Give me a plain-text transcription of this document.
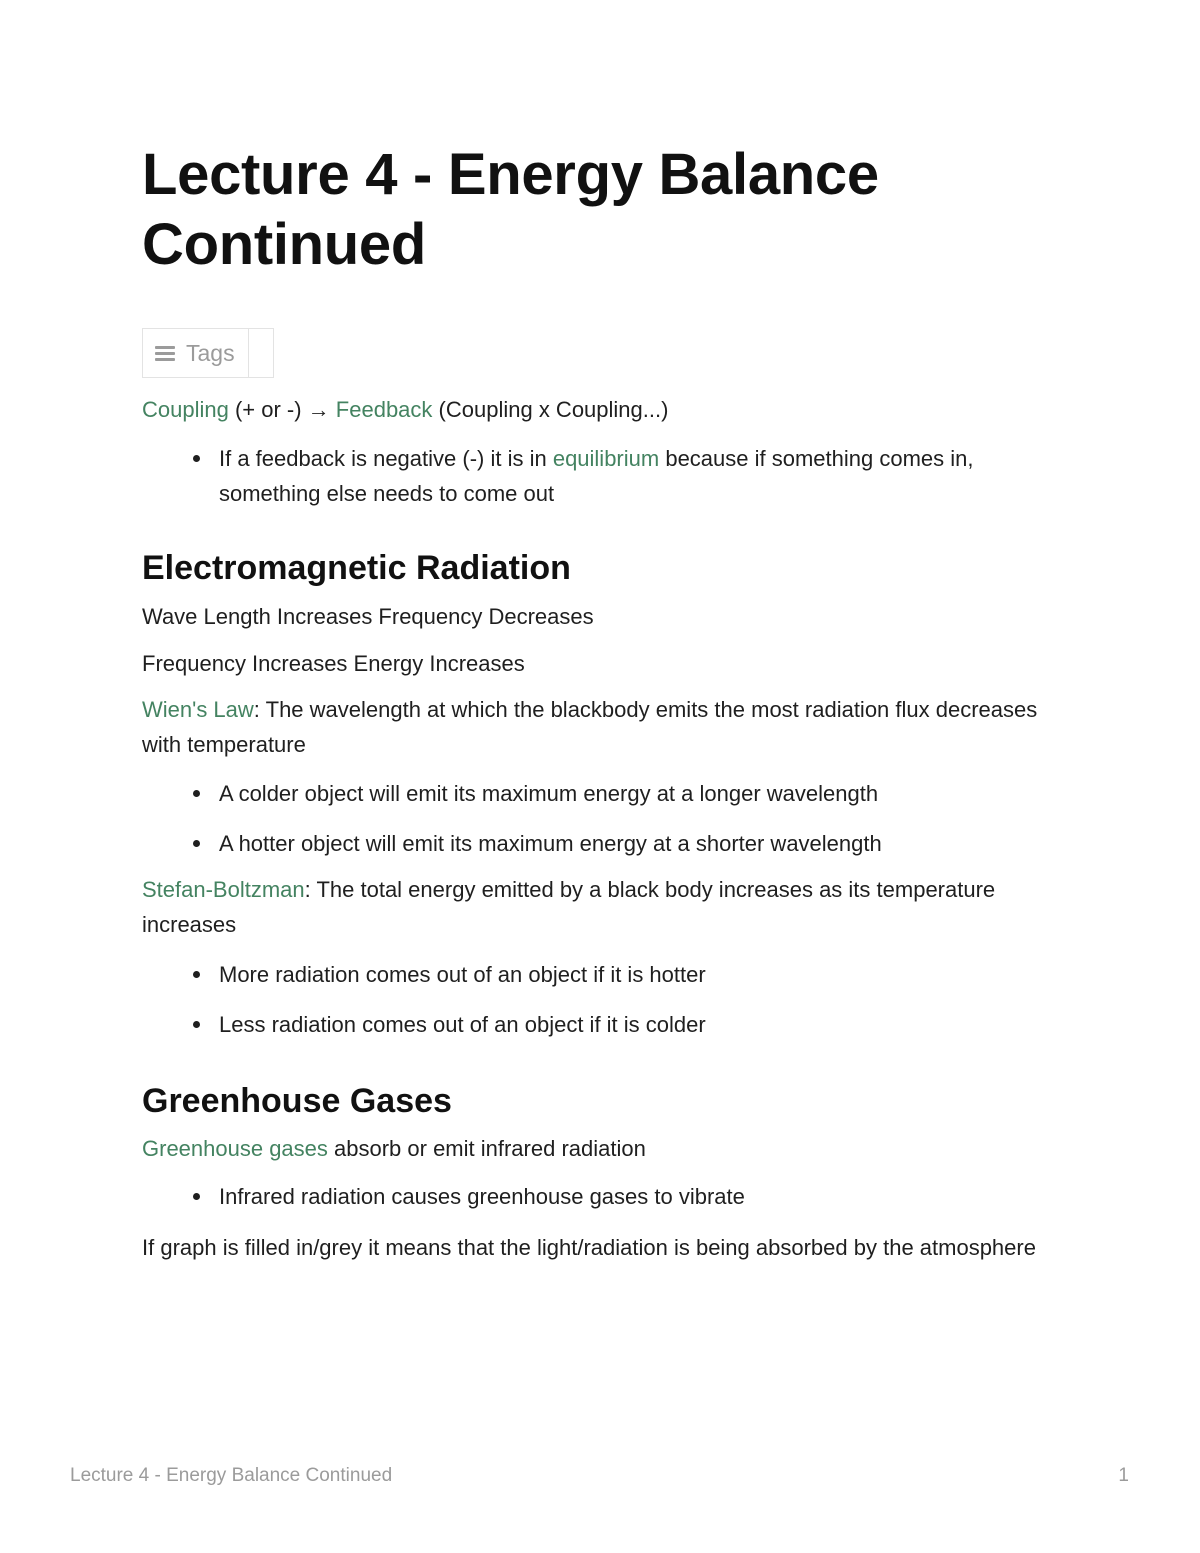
Lecture 4 - Energy Balance Continued
Tags

Coupling (+ or -) → Feedback (Coupling x Coupling...)

If a feedback is negative (-) it is in equilibrium because if something comes in, something else needs to come out
Electromagnetic Radiation

Wave Length Increases Frequency Decreases

Frequency Increases Energy Increases

Wien's Law: The wavelength at which the blackbody emits the most radiation flux decreases with temperature

A colder object will emit its maximum energy at a longer wavelength
A hotter object will emit its maximum energy at a shorter wavelength

Stefan-Boltzman: The total energy emitted by a black body increases as its temperature increases

More radiation comes out of an object if it is hotter
Less radiation comes out of an object if it is colder
Greenhouse Gases

Greenhouse gases absorb or emit infrared radiation

Infrared radiation causes greenhouse gases to vibrate

If graph is filled in/grey it means that the light/radiation is being absorbed by the atmosphere

Lecture 4 - Energy Balance Continued	1
